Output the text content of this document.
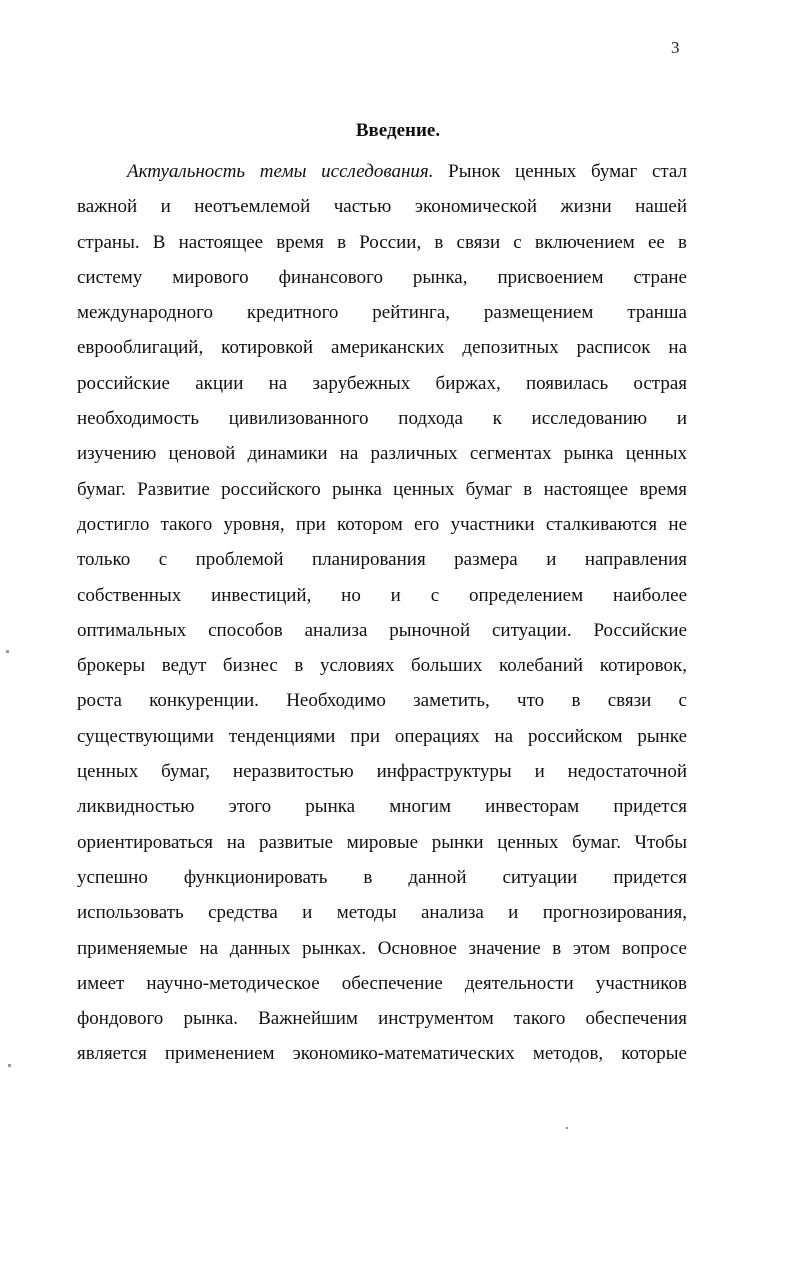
3
Введение.
Актуальность темы исследования. Рынок ценных бумаг стал
важной и неотъемлемой частью экономической жизни нашей
страны. В настоящее время в России, в связи с включением ее в
систему мирового финансового рынка, присвоением стране
международного кредитного рейтинга, размещением транша
еврооблигаций, котировкой американских депозитных расписок на
российские акции на зарубежных биржах, появилась острая
необходимость цивилизованного подхода к исследованию и
изучению ценовой динамики на различных сегментах рынка ценных
бумаг. Развитие российского рынка ценных бумаг в настоящее время
достигло такого уровня, при котором его участники сталкиваются не
только с проблемой планирования размера и направления
собственных инвестиций, но и с определением наиболее
оптимальных способов анализа рыночной ситуации. Российские
брокеры ведут бизнес в условиях больших колебаний котировок,
роста конкуренции. Необходимо заметить, что в связи с
существующими тенденциями при операциях на российском рынке
ценных бумаг, неразвитостью инфраструктуры и недостаточной
ликвидностью этого рынка многим инвесторам придется
ориентироваться на развитые мировые рынки ценных бумаг. Чтобы
успешно функционировать в данной ситуации придется
использовать средства и методы анализа и прогнозирования,
применяемые на данных рынках. Основное значение в этом вопросе
имеет научно-методическое обеспечение деятельности участников
фондового рынка. Важнейшим инструментом такого обеспечения
является применением экономико-математических методов, которые
